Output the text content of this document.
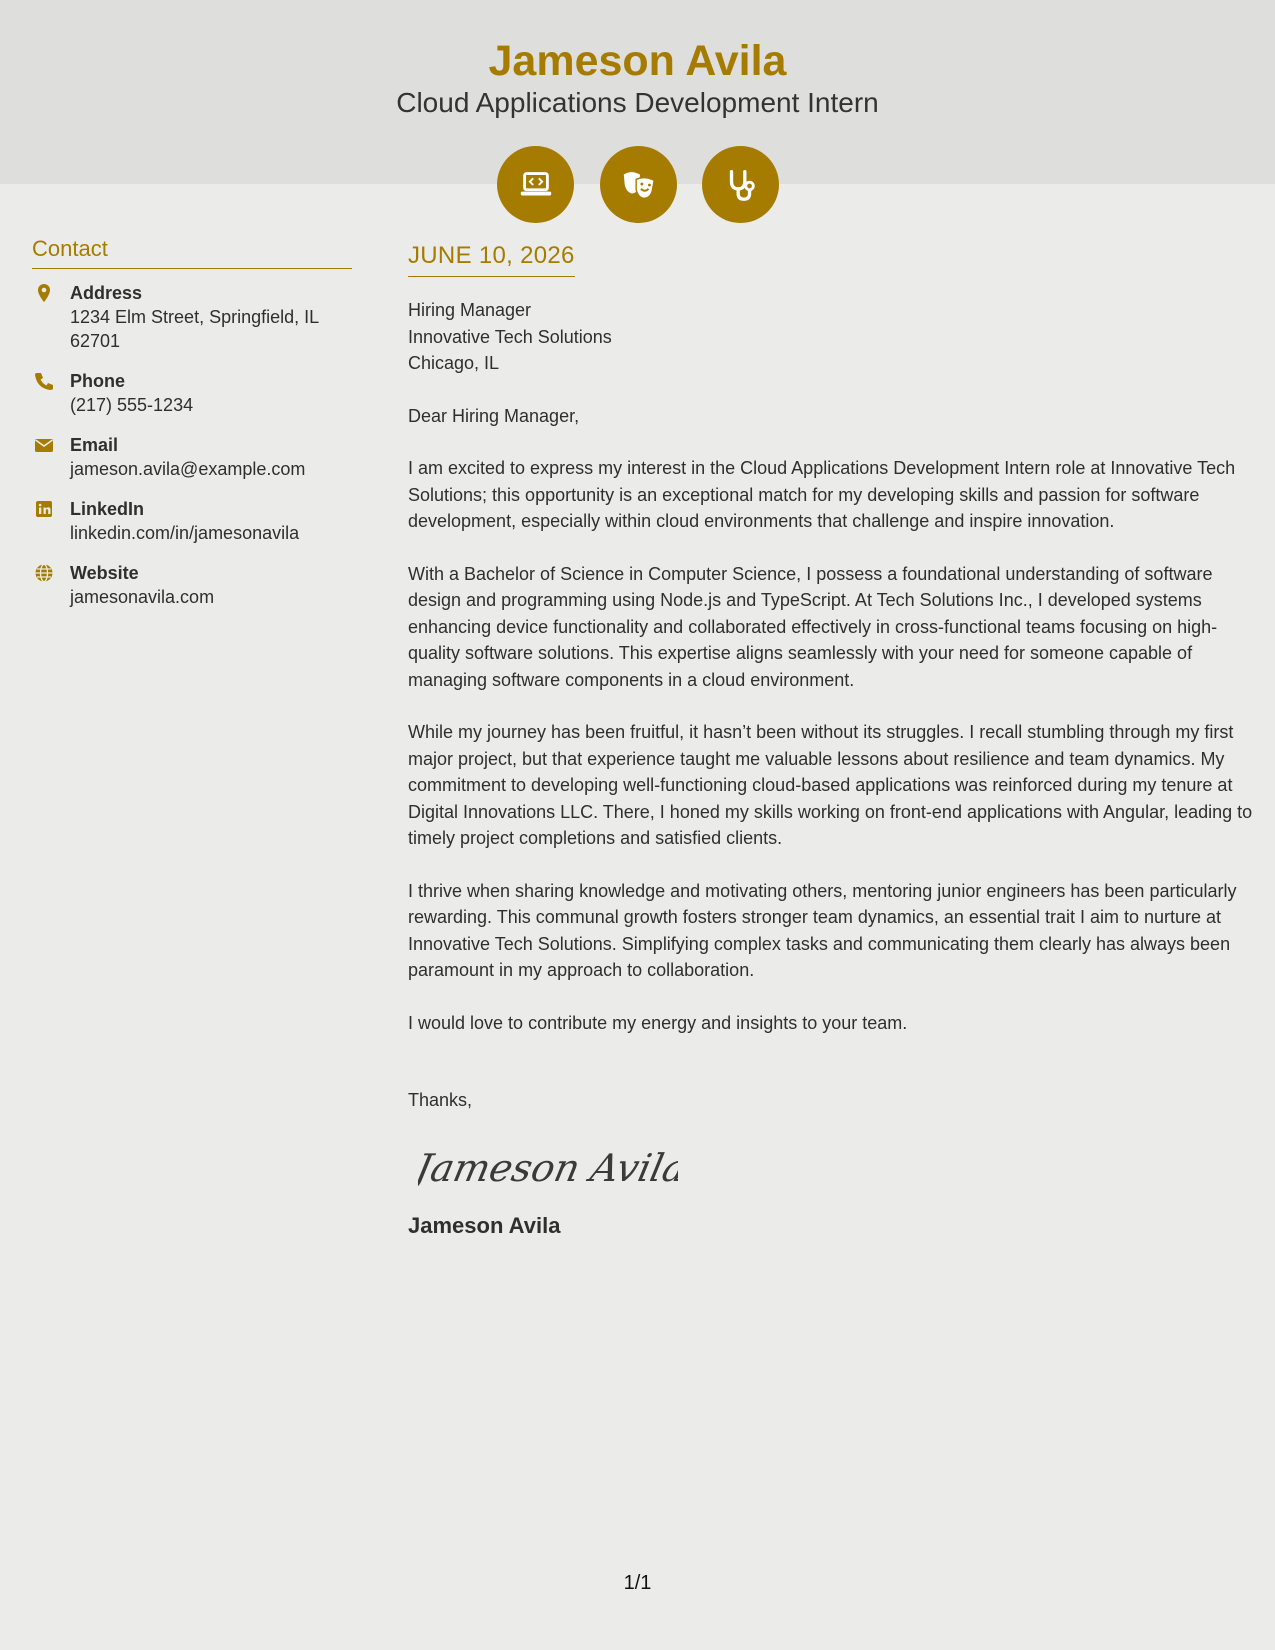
Jameson Avila
Cloud Applications Development Intern
Contact
Address
1234 Elm Street, Springfield, IL 62701
Phone
(217) 555-1234
Email
jameson.avila@example.com
LinkedIn
linkedin.com/in/jamesonavila
Website
jamesonavila.com
JUNE 10, 2026
Hiring Manager
Innovative Tech Solutions
Chicago, IL

Dear Hiring Manager,

I am excited to express my interest in the Cloud Applications Development Intern role at Innovative Tech Solutions; this opportunity is an exceptional match for my developing skills and passion for software development, especially within cloud environments that challenge and inspire innovation.

With a Bachelor of Science in Computer Science, I possess a foundational understanding of software design and programming using Node.js and TypeScript. At Tech Solutions Inc., I developed systems enhancing device functionality and collaborated effectively in cross-functional teams focusing on high-quality software solutions. This expertise aligns seamlessly with your need for someone capable of managing software components in a cloud environment.

While my journey has been fruitful, it hasn’t been without its struggles. I recall stumbling through my first major project, but that experience taught me valuable lessons about resilience and team dynamics. My commitment to developing well-functioning cloud-based applications was reinforced during my tenure at Digital Innovations LLC. There, I honed my skills working on front-end applications with Angular, leading to timely project completions and satisfied clients.

I thrive when sharing knowledge and motivating others, mentoring junior engineers has been particularly rewarding. This communal growth fosters stronger team dynamics, an essential trait I aim to nurture at Innovative Tech Solutions. Simplifying complex tasks and communicating them clearly has always been paramount in my approach to collaboration.

I would love to contribute my energy and insights to your team.

Thanks,
Jameson Avila
Jameson Avila
1/1
